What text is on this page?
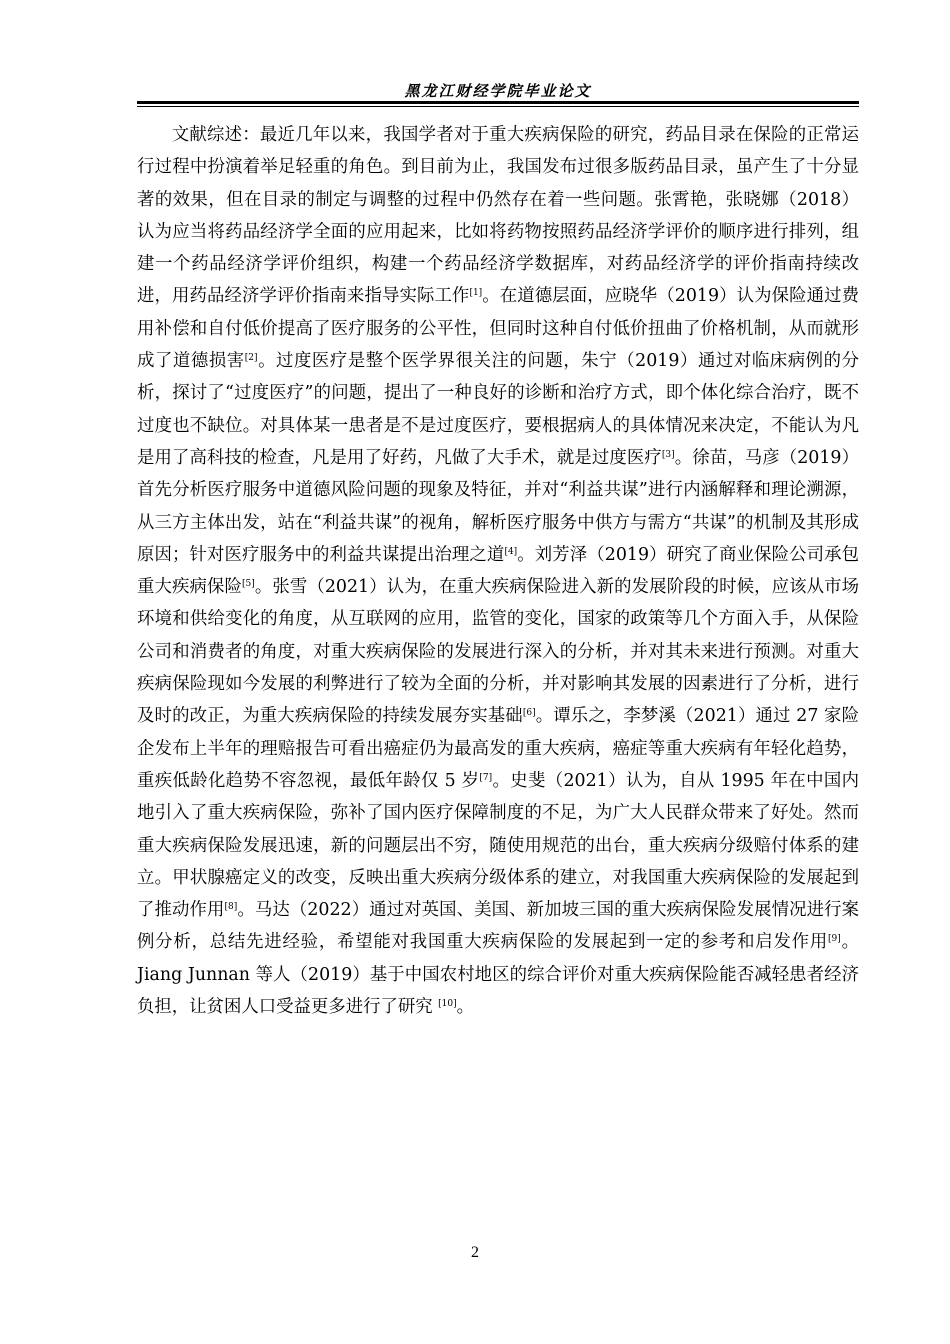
黑龙江财经学院毕业论文

文献综述：最近几年以来，我国学者对于重大疾病保险的研究，药品目录在保险的正常运行过程中扮演着举足轻重的角色。到目前为止，我国发布过很多版药品目录，虽产生了十分显著的效果，但在目录的制定与调整的过程中仍然存在着一些问题。张霄艳，张晓娜（2018）认为应当将药品经济学全面的应用起来，比如将药物按照药品经济学评价的顺序进行排列，组建一个药品经济学评价组织，构建一个药品经济学数据库，对药品经济学的评价指南持续改进，用药品经济学评价指南来指导实际工作[1]。在道德层面，应晓华（2019）认为保险通过费用补偿和自付低价提高了医疗服务的公平性，但同时这种自付低价扭曲了价格机制，从而就形成了道德损害[2]。过度医疗是整个医学界很关注的问题，朱宁（2019）通过对临床病例的分析，探讨了“过度医疗”的问题，提出了一种良好的诊断和治疗方式，即个体化综合治疗，既不过度也不缺位。对具体某一患者是不是过度医疗，要根据病人的具体情况来决定，不能认为凡是用了高科技的检查，凡是用了好药，凡做了大手术，就是过度医疗[3]。徐苗，马彦（2019）首先分析医疗服务中道德风险问题的现象及特征，并对“利益共谋”进行内涵解释和理论溯源，从三方主体出发，站在“利益共谋”的视角，解析医疗服务中供方与需方“共谋”的机制及其形成原因；针对医疗服务中的利益共谋提出治理之道[4]。刘芳泽（2019）研究了商业保险公司承包重大疾病保险[5]。张雪（2021）认为，在重大疾病保险进入新的发展阶段的时候，应该从市场环境和供给变化的角度，从互联网的应用，监管的变化，国家的政策等几个方面入手，从保险公司和消费者的角度，对重大疾病保险的发展进行深入的分析，并对其未来进行预测。对重大疾病保险现如今发展的利弊进行了较为全面的分析，并对影响其发展的因素进行了分析，进行及时的改正，为重大疾病保险的持续发展夯实基础[6]。谭乐之，李梦溪（2021）通过 27 家险企发布上半年的理赔报告可看出癌症仍为最高发的重大疾病，癌症等重大疾病有年轻化趋势，重疾低龄化趋势不容忽视，最低年龄仅 5 岁[7]。史斐（2021）认为，自从 1995 年在中国内地引入了重大疾病保险，弥补了国内医疗保障制度的不足，为广大人民群众带来了好处。然而重大疾病保险发展迅速，新的问题层出不穷，随使用规范的出台，重大疾病分级赔付体系的建立。甲状腺癌定义的改变，反映出重大疾病分级体系的建立，对我国重大疾病保险的发展起到了推动作用[8]。马达（2022）通过对英国、美国、新加坡三国的重大疾病保险发展情况进行案例分析，总结先进经验，希望能对我国重大疾病保险的发展起到一定的参考和启发作用[9]。Jiang Junnan 等人（2019）基于中国农村地区的综合评价对重大疾病保险能否减轻患者经济负担，让贫困人口受益更多进行了研究 [10]。

2
